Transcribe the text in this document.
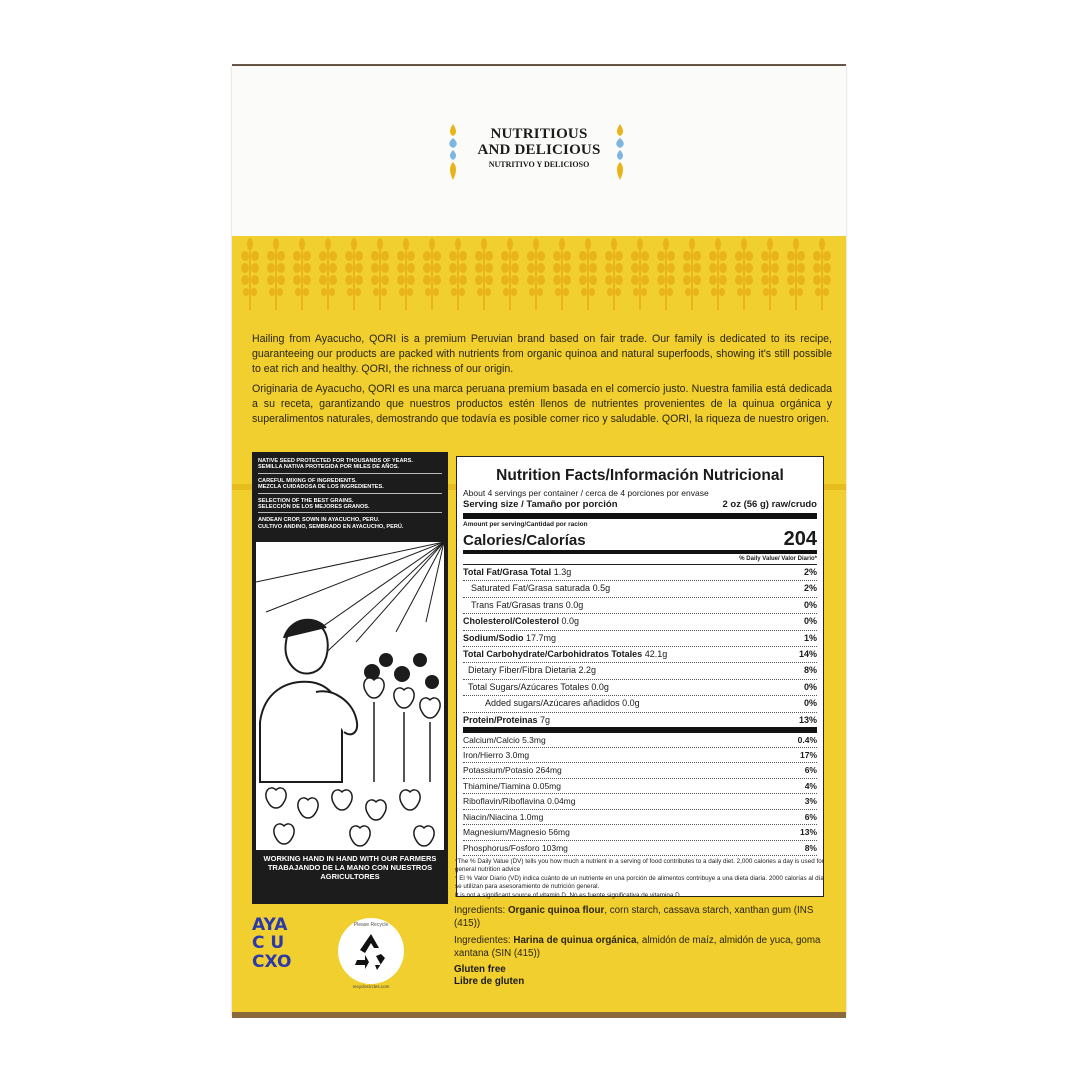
NUTRITIOUS
AND DELICIOUS
NUTRITIVO Y DELICIOSO

Hailing from Ayacucho, QORI is a premium Peruvian brand based on fair trade. Our family is dedicated to its recipe, guaranteeing our products are packed with nutrients from organic quinoa and natural superfoods, showing it's still possible to eat rich and healthy. QORI, the richness of our origin.

Originaria de Ayacucho, QORI es una marca peruana premium basada en el comercio justo. Nuestra familia está dedicada a su receta, garantizando que nuestros productos estén llenos de nutrientes provenientes de la quinua orgánica y superalimentos naturales, demostrando que todavía es posible comer rico y saludable. QORI, la riqueza de nuestro origen.

NATIVE SEED PROTECTED FOR THOUSANDS OF YEARS.
SEMILLA NATIVA PROTEGIDA POR MILES DE AÑOS.
CAREFUL MIXING OF INGREDIENTS.
MEZCLA CUIDADOSA DE LOS INGREDIENTES.
SELECTION OF THE BEST GRAINS.
SELECCIÓN DE LOS MEJORES GRANOS.
ANDEAN CROP, SOWN IN AYACUCHO, PERU.
CULTIVO ANDINO, SEMBRADO EN AYACUCHO, PERÚ.
WORKING HAND IN HAND WITH OUR FARMERS
TRABAJANDO DE LA MANO CON NUESTROS AGRICULTORES
Nutrition Facts/Información Nutricional
About 4 servings per container / cerca de 4 porciones por envase
Serving size / Tamaño por porción	2 oz (56 g) raw/crudo
Amount per serving/Cantidad por racion
Calories/Calorías	204
% Daily Value/ Valor Diario*
Total Fat/Grasa Total 1.3g	2%
Saturated Fat/Grasa saturada 0.5g	2%
Trans Fat/Grasas trans 0.0g	0%
Cholesterol/Colesterol 0.0g	0%
Sodium/Sodio 17.7mg	1%
Total Carbohydrate/Carbohidratos Totales 42.1g	14%
Dietary Fiber/Fibra Dietaria 2.2g	8%
Total Sugars/Azúcares Totales 0.0g	0%
Added sugars/Azúcares añadidos 0.0g	0%
Protein/Proteinas 7g	13%
Calcium/Calcio 5.3mg	0.4%
Iron/Hierro 3.0mg	17%
Potassium/Potasio 264mg	6%
Thiamine/Tiamina 0.05mg	4%
Riboflavin/Riboflavina 0.04mg	3%
Niacin/Niacina 1.0mg	6%
Magnesium/Magnesio 56mg	13%
Phosphorus/Fosforo 103mg	8%

*The % Daily Value (DV) tells you how much a nutrient in a serving of food contributes to a daily diet. 2,000 calories a day is used for general nutrition advice

* El % Valor Diario (VD) indica cuánto de un nutriente en una porción de alimentos contribuye a una dieta diaria. 2000 calorías al día se utilizan para asesoramiento de nutrición general.

It is not a significant source of vitamin D. No es fuente significativa de vitamina D.

Ingredients: Organic quinoa flour, corn starch, cassava starch, xanthan gum (INS (415))

Ingredientes: Harina de quinua orgánica, almidón de maíz, almidón de yuca, goma xantana (SIN (415))

Gluten free
Libre de gluten

AYA
C U
CXO
Please Recycle
recyclecircles.com
